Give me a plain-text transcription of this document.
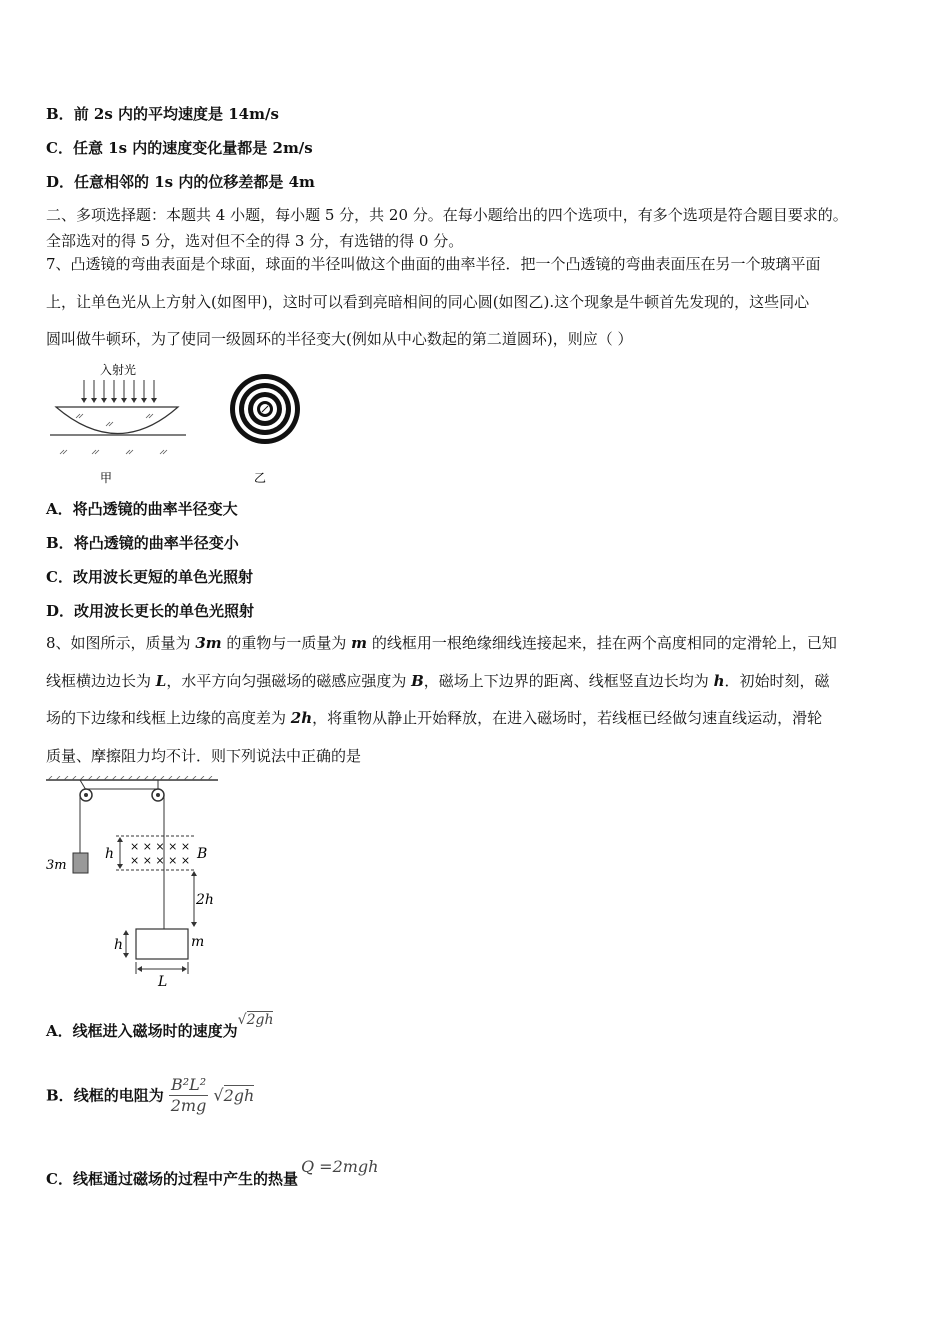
B．前 2s 内的平均速度是 14m/s
C．任意 1s 内的速度变化量都是 2m/s
D．任意相邻的 1s 内的位移差都是 4m
二、多项选择题：本题共 4 小题，每小题 5 分，共 20 分。在每小题给出的四个选项中，有多个选项是符合题目要求的。
全部选对的得 5 分，选对但不全的得 3 分，有选错的得 0 分。
7、凸透镜的弯曲表面是个球面，球面的半径叫做这个曲面的曲率半径．把一个凸透镜的弯曲表面压在另一个玻璃平面
上，让单色光从上方射入(如图甲)，这时可以看到亮暗相间的同心圆(如图乙).这个现象是牛顿首先发现的，这些同心
圆叫做牛顿环，为了使同一级圆环的半径变大(例如从中心数起的第二道圆环)，则应（ ）
入射光
甲	乙
A．将凸透镜的曲率半径变大
B．将凸透镜的曲率半径变小
C．改用波长更短的单色光照射
D．改用波长更长的单色光照射
8、如图所示，质量为 3m 的重物与一质量为 m 的线框用一根绝缘细线连接起来，挂在两个高度相同的定滑轮上，已知
线框横边边长为 L，水平方向匀强磁场的磁感应强度为 B，磁场上下边界的距离、线框竖直边长均为 h．初始时刻，磁
场的下边缘和线框上边缘的高度差为 2h，将重物从静止开始释放，在进入磁场时，若线框已经做匀速直线运动，滑轮
质量、摩擦阻力均不计．则下列说法中正确的是
3m
× × × × ×
× × × × × B
h
2h
m
h
L
A．线框进入磁场时的速度为√2gh
B．线框的电阻为 $\frac{\text{B²L²}}{2mg} √2gh$
C．线框通过磁场的过程中产生的热量Q =2mgh
